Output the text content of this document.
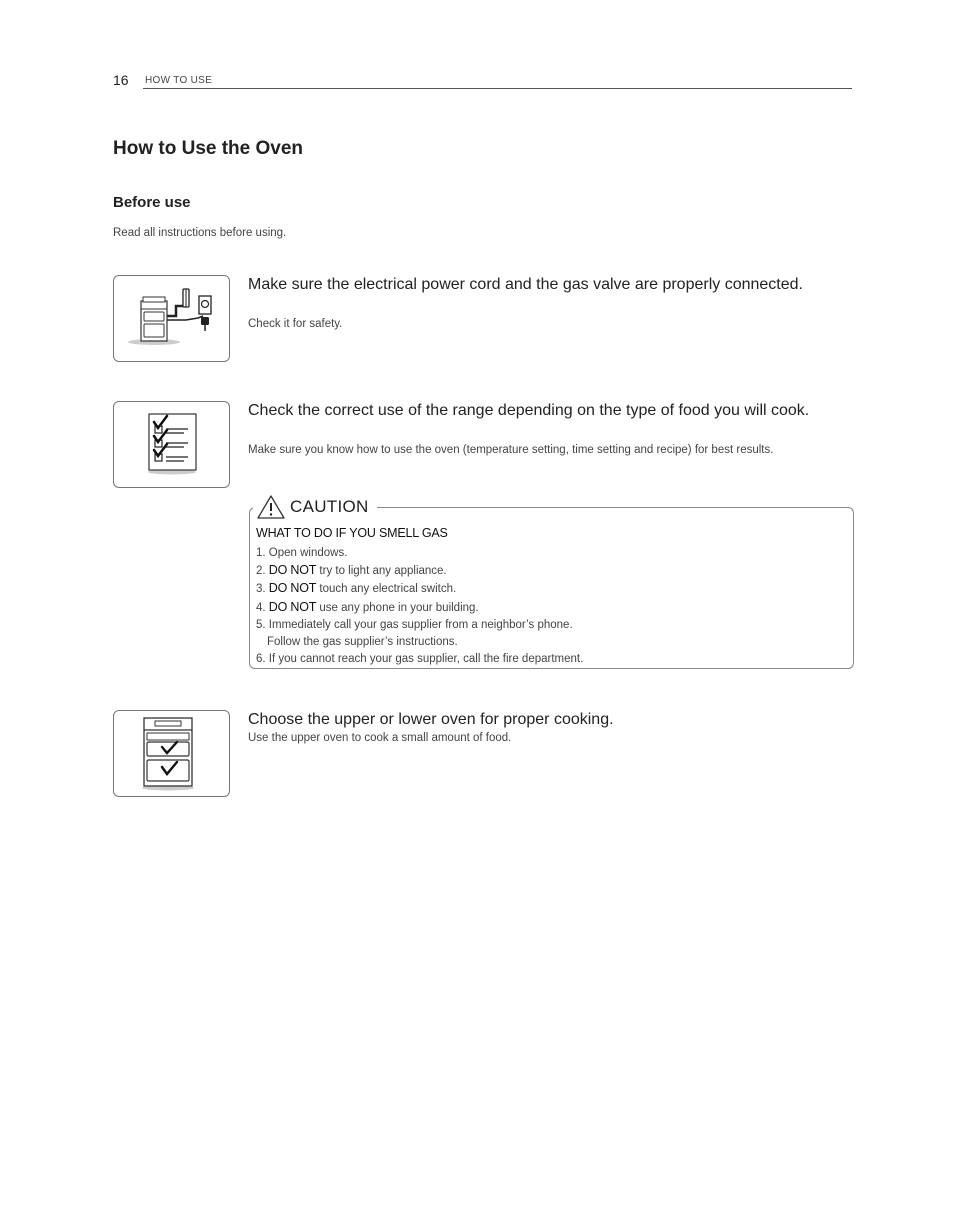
16 HOW TO USE
How to Use the Oven
Before use
Read all instructions before using.
Make sure the electrical power cord and the gas valve are properly connected.
Check it for safety.
Check the correct use of the range depending on the type of food you will cook.
Make sure you know how to use the oven (temperature setting, time setting and recipe) for best results.
CAUTION
WHAT TO DO IF YOU SMELL GAS
1. Open windows.
2. DO NOT try to light any appliance.
3. DO NOT touch any electrical switch.
4. DO NOT use any phone in your building.
5. Immediately call your gas supplier from a neighbor’s phone.
Follow the gas supplier’s instructions.
6. If you cannot reach your gas supplier, call the fire department.
Choose the upper or lower oven for proper cooking.
Use the upper oven to cook a small amount of food.
